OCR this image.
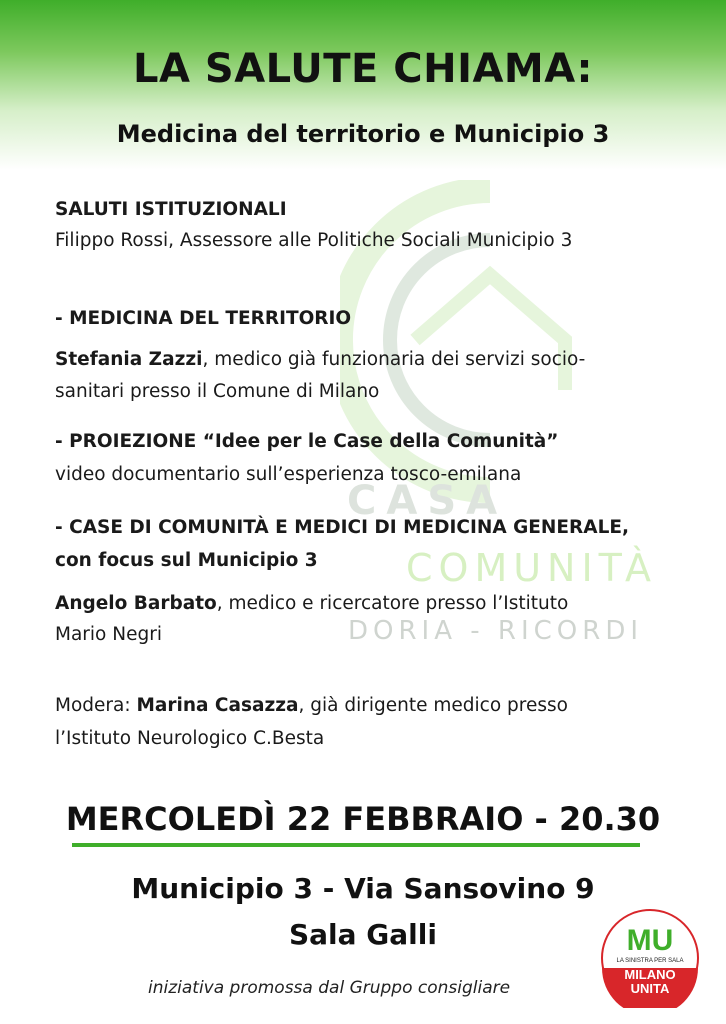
LA SALUTE CHIAMA:
Medicina del territorio e Municipio 3
CASA
COMUNITÀ
DORIA - RICORDI
SALUTI ISTITUZIONALI
Filippo Rossi, Assessore alle Politiche Sociali Municipio 3
- MEDICINA DEL TERRITORIO
Stefania Zazzi, medico già funzionaria dei servizi socio-
sanitari presso il Comune di Milano
- PROIEZIONE “Idee per le Case della Comunità”
video documentario sull’esperienza tosco-emilana
- CASE DI COMUNITÀ E MEDICI DI MEDICINA GENERALE,
con focus sul Municipio 3
Angelo Barbato, medico e ricercatore presso l’Istituto
Mario Negri
Modera: Marina Casazza, già dirigente medico presso
l’Istituto Neurologico C.Besta
MERCOLEDÌ 22 FEBBRAIO - 20.30
Municipio 3 - Via Sansovino 9
Sala Galli
iniziativa promossa dal Gruppo consigliare
MU
LA SINISTRA PER SALA
MILANO
UNITA
